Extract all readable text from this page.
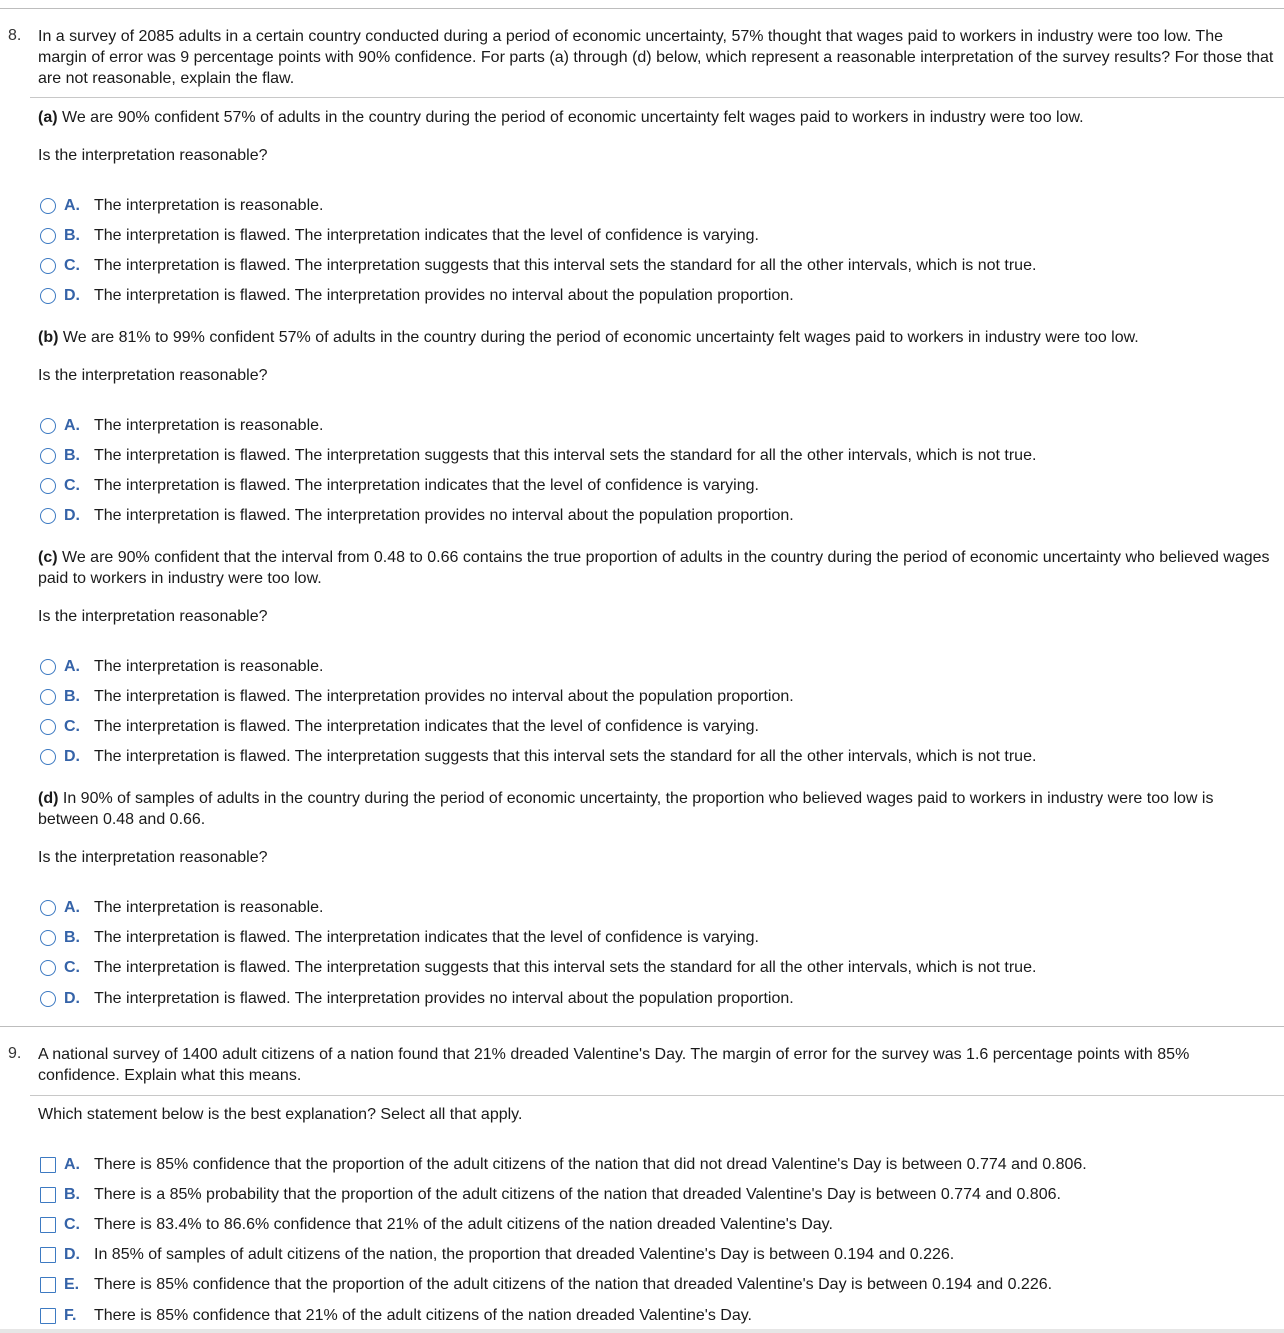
8. In a survey of 2085 adults in a certain country conducted during a period of economic uncertainty, 57% thought that wages paid to workers in industry were too low. The margin of error was 9 percentage points with 90% confidence. For parts (a) through (d) below, which represent a reasonable interpretation of the survey results? For those that are not reasonable, explain the flaw.
(a) We are 90% confident 57% of adults in the country during the period of economic uncertainty felt wages paid to workers in industry were too low.
Is the interpretation reasonable?
A. The interpretation is reasonable.
B. The interpretation is flawed. The interpretation indicates that the level of confidence is varying.
C. The interpretation is flawed. The interpretation suggests that this interval sets the standard for all the other intervals, which is not true.
D. The interpretation is flawed. The interpretation provides no interval about the population proportion.
(b) We are 81% to 99% confident 57% of adults in the country during the period of economic uncertainty felt wages paid to workers in industry were too low.
Is the interpretation reasonable?
A. The interpretation is reasonable.
B. The interpretation is flawed. The interpretation suggests that this interval sets the standard for all the other intervals, which is not true.
C. The interpretation is flawed. The interpretation indicates that the level of confidence is varying.
D. The interpretation is flawed. The interpretation provides no interval about the population proportion.
(c) We are 90% confident that the interval from 0.48 to 0.66 contains the true proportion of adults in the country during the period of economic uncertainty who believed wages paid to workers in industry were too low.
Is the interpretation reasonable?
A. The interpretation is reasonable.
B. The interpretation is flawed. The interpretation provides no interval about the population proportion.
C. The interpretation is flawed. The interpretation indicates that the level of confidence is varying.
D. The interpretation is flawed. The interpretation suggests that this interval sets the standard for all the other intervals, which is not true.
(d) In 90% of samples of adults in the country during the period of economic uncertainty, the proportion who believed wages paid to workers in industry were too low is between 0.48 and 0.66.
Is the interpretation reasonable?
A. The interpretation is reasonable.
B. The interpretation is flawed. The interpretation indicates that the level of confidence is varying.
C. The interpretation is flawed. The interpretation suggests that this interval sets the standard for all the other intervals, which is not true.
D. The interpretation is flawed. The interpretation provides no interval about the population proportion.
9. A national survey of 1400 adult citizens of a nation found that 21% dreaded Valentine's Day. The margin of error for the survey was 1.6 percentage points with 85% confidence. Explain what this means.
Which statement below is the best explanation? Select all that apply.
A. There is 85% confidence that the proportion of the adult citizens of the nation that did not dread Valentine's Day is between 0.774 and 0.806.
B. There is a 85% probability that the proportion of the adult citizens of the nation that dreaded Valentine's Day is between 0.774 and 0.806.
C. There is 83.4% to 86.6% confidence that 21% of the adult citizens of the nation dreaded Valentine's Day.
D. In 85% of samples of adult citizens of the nation, the proportion that dreaded Valentine's Day is between 0.194 and 0.226.
E. There is 85% confidence that the proportion of the adult citizens of the nation that dreaded Valentine's Day is between 0.194 and 0.226.
F.	There is 85% confidence that 21% of the adult citizens of the nation dreaded Valentine's Day.
